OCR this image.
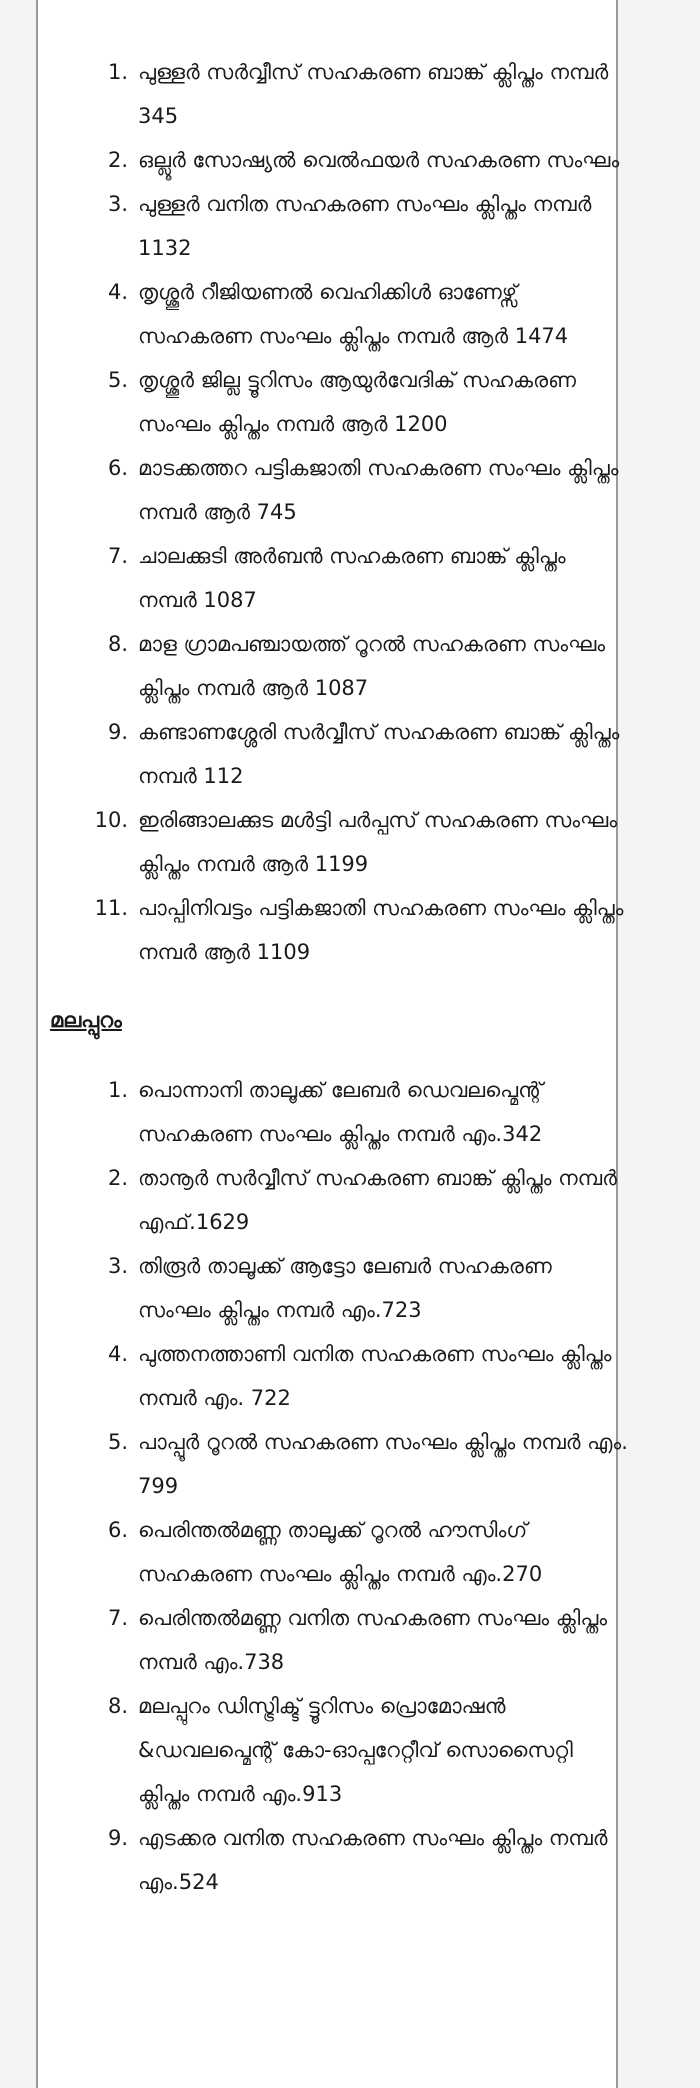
1. പുള്ളർ സർവ്വീസ് സഹകരണ ബാങ്ക് ക്ലിപ്തം നമ്പർ 345
2. ഒല്ലൂർ സോഷ്യൽ വെൽഫയർ സഹകരണ സംഘം
3. പുള്ളർ വനിത സഹകരണ സംഘം ക്ലിപ്തം നമ്പർ 1132
4. തൃശ്ശൂർ റീജിയണൽ വെഹിക്കിൾ ഓണേഴ്സ് സഹകരണ സംഘം ക്ലിപ്തം നമ്പർ ആർ 1474
5. തൃശ്ശൂർ ജില്ല ട്ടൂറിസം ആയുർവേദിക് സഹകരണ സംഘം ക്ലിപ്തം നമ്പർ ആർ 1200
6. മാടക്കത്തറ പട്ടികജാതി സഹകരണ സംഘം ക്ലിപ്തം നമ്പർ ആർ 745
7. ചാലക്കുടി അർബൻ സഹകരണ ബാങ്ക് ക്ലിപ്തം നമ്പർ 1087
8. മാള ഗ്രാമപഞ്ചായത്ത് റൂറൽ സഹകരണ സംഘം ക്ലിപ്തം നമ്പർ ആർ 1087
9. കണ്ടാണശ്ശേരി സർവ്വീസ് സഹകരണ ബാങ്ക് ക്ലിപ്തം നമ്പർ 112
10. ഇരിങ്ങാലക്കുട മൾട്ടി പർപ്പസ് സഹകരണ സംഘം ക്ലിപ്തം നമ്പർ ആർ 1199
11. പാപ്പിനിവട്ടം പട്ടികജാതി സഹകരണ സംഘം ക്ലിപ്തം നമ്പർ ആർ 1109
മലപ്പുറം
1. പൊന്നാനി താലൂക്ക് ലേബർ ഡെവലപ്മെന്റ് സഹകരണ സംഘം ക്ലിപ്തം നമ്പർ എം.342
2. താനൂർ സർവ്വീസ് സഹകരണ ബാങ്ക് ക്ലിപ്തം നമ്പർ എഫ്.1629
3. തിരൂർ താലൂക്ക് ആട്ടോ ലേബർ സഹകരണ സംഘം ക്ലിപ്തം നമ്പർ എം.723
4. പുത്തനത്താണി വനിത സഹകരണ സംഘം ക്ലിപ്തം നമ്പർ എം. 722
5. പാപ്പൂർ റൂറൽ സഹകരണ സംഘം ക്ലിപ്തം നമ്പർ എം. 799
6. പെരിന്തൽമണ്ണ താലൂക്ക് റൂറൽ ഹൗസിംഗ് സഹകരണ സംഘം ക്ലിപ്തം നമ്പർ എം.270
7. പെരിന്തൽമണ്ണ വനിത സഹകരണ സംഘം ക്ലിപ്തം നമ്പർ എം.738
8. മലപ്പുറം ഡിസ്ട്രിക്ട് ട്ടൂറിസം പ്രൊമോഷൻ &ഡവലപ്മെന്റ് കോ-ഓപ്പറേറ്റീവ് സൊസൈറ്റി ക്ലിപ്തം നമ്പർ എം.913
9. എടക്കര വനിത സഹകരണ സംഘം ക്ലിപ്തം നമ്പർ എം.524
